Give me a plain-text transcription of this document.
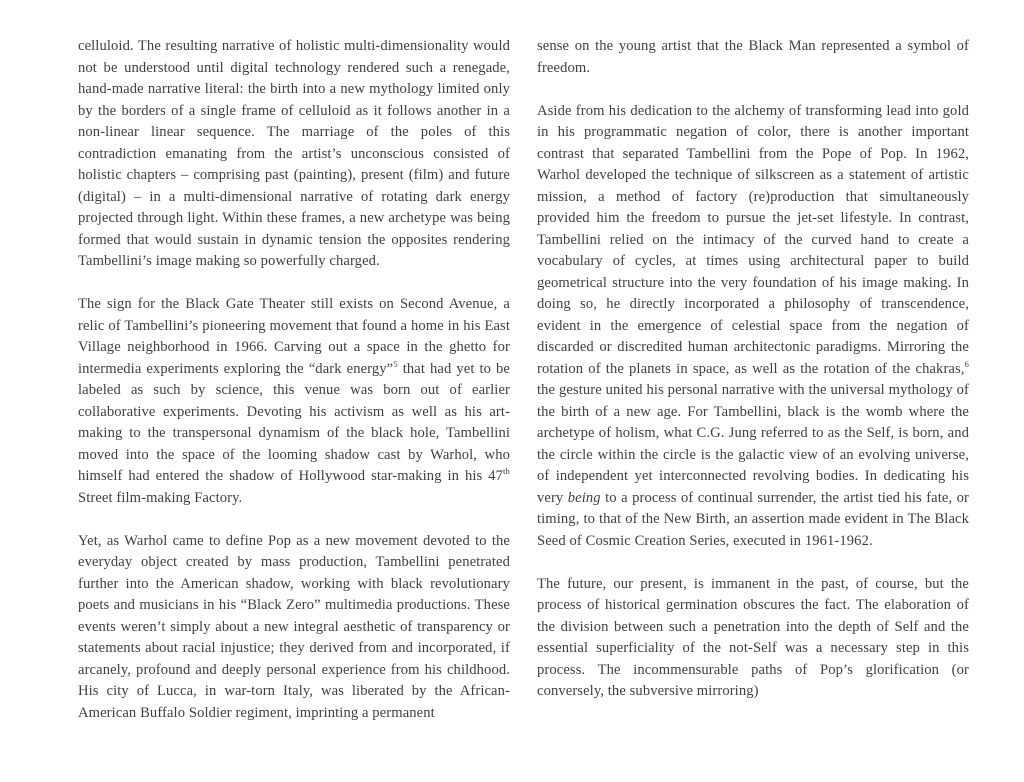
celluloid. The resulting narrative of holistic multi-dimensionality would not be understood until digital technology rendered such a renegade, hand-made narrative literal: the birth into a new mythology limited only by the borders of a single frame of celluloid as it follows another in a non-linear linear sequence. The marriage of the poles of this contradiction emanating from the artist’s unconscious consisted of holistic chapters – comprising past (painting), present (film) and future (digital) – in a multi-dimensional narrative of rotating dark energy projected through light. Within these frames, a new archetype was being formed that would sustain in dynamic tension the opposites rendering Tambellini’s image making so powerfully charged.

The sign for the Black Gate Theater still exists on Second Avenue, a relic of Tambellini’s pioneering movement that found a home in his East Village neighborhood in 1966. Carving out a space in the ghetto for intermedia experiments exploring the “dark energy”$^5$ that had yet to be labeled as such by science, this venue was born out of earlier collaborative experiments. Devoting his activism as well as his art-making to the transpersonal dynamism of the black hole, Tambellini moved into the space of the looming shadow cast by Warhol, who himself had entered the shadow of Hollywood star-making in his 47th Street film-making Factory.

Yet, as Warhol came to define Pop as a new movement devoted to the everyday object created by mass production, Tambellini penetrated further into the American shadow, working with black revolutionary poets and musicians in his “Black Zero” multimedia productions. These events weren’t simply about a new integral aesthetic of transparency or statements about racial injustice; they derived from and incorporated, if arcanely, profound and deeply personal experience from his childhood. His city of Lucca, in war-torn Italy, was liberated by the African-American Buffalo Soldier regiment, imprinting a permanent

sense on the young artist that the Black Man represented a symbol of freedom.

Aside from his dedication to the alchemy of transforming lead into gold in his programmatic negation of color, there is another important contrast that separated Tambellini from the Pope of Pop. In 1962, Warhol developed the technique of silkscreen as a statement of artistic mission, a method of factory (re)production that simultaneously provided him the freedom to pursue the jet-set lifestyle. In contrast, Tambellini relied on the intimacy of the curved hand to create a vocabulary of cycles, at times using architectural paper to build geometrical structure into the very foundation of his image making. In doing so, he directly incorporated a philosophy of transcendence, evident in the emergence of celestial space from the negation of discarded or discredited human architectonic paradigms. Mirroring the rotation of the planets in space, as well as the rotation of the chakras,$^6$ the gesture united his personal narrative with the universal mythology of the birth of a new age. For Tambellini, black is the womb where the archetype of holism, what C.G. Jung referred to as the Self, is born, and the circle within the circle is the galactic view of an evolving universe, of independent yet interconnected revolving bodies. In dedicating his very being to a process of continual surrender, the artist tied his fate, or timing, to that of the New Birth, an assertion made evident in The Black Seed of Cosmic Creation Series, executed in 1961-1962.

The future, our present, is immanent in the past, of course, but the process of historical germination obscures the fact. The elaboration of the division between such a penetration into the depth of Self and the essential superficiality of the not-Self was a necessary step in this process. The incommensurable paths of Pop’s glorification (or conversely, the subversive mirroring)
